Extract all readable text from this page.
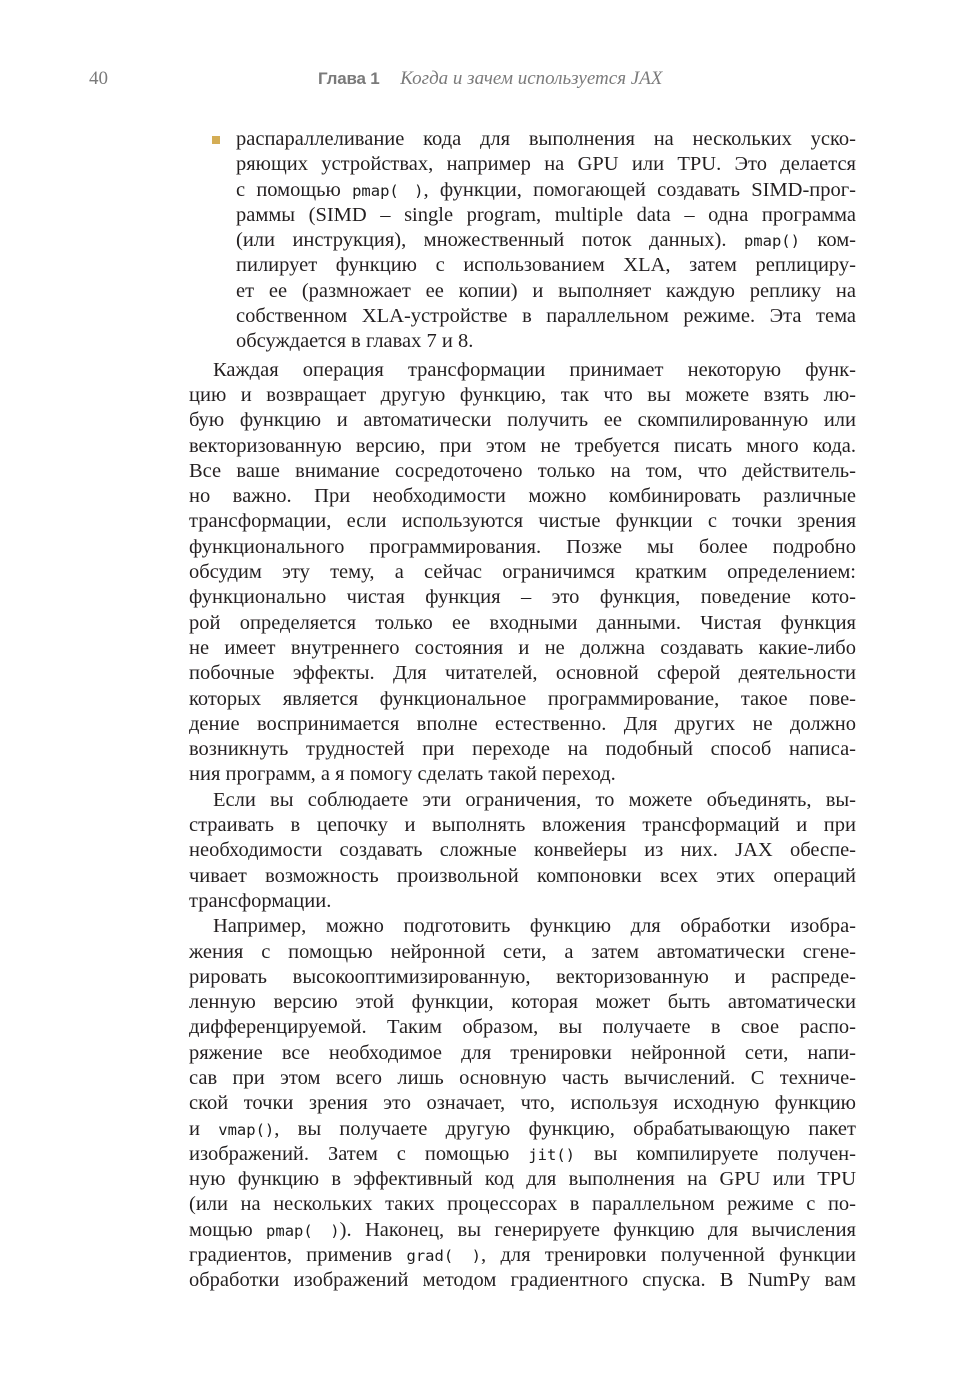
40	Глава 1 Когда и зачем используется JAX
распараллеливание кода для выполнения на нескольких уско-
ряющих устройствах, например на GPU или TPU. Это делается
с помощью pmap( ), функции, помогающей создавать SIMD-прог-
раммы (SIMD – single program, multiple data – одна программа
(или инструкция), множественный поток данных). pmap() ком-
пилирует функцию с использованием XLA, затем реплициру-
ет ее (размножает ее копии) и выполняет каждую реплику на
собственном XLA-устройстве в параллельном режиме. Эта тема
обсуждается в главах 7 и 8.
Каждая операция трансформации принимает некоторую функ-
цию и возвращает другую функцию, так что вы можете взять лю-
бую функцию и автоматически получить ее скомпилированную или
векторизованную версию, при этом не требуется писать много кода.
Все ваше внимание сосредоточено только на том, что действитель-
но важно. При необходимости можно комбинировать различные
трансформации, если используются чистые функции с точки зрения
функционального программирования. Позже мы более подробно
обсудим эту тему, а сейчас ограничимся кратким определением:
функционально чистая функция – это функция, поведение кото-
рой определяется только ее входными данными. Чистая функция
не имеет внутреннего состояния и не должна создавать какие-либо
побочные эффекты. Для читателей, основной сферой деятельности
которых является функциональное программирование, такое пове-
дение воспринимается вполне естественно. Для других не должно
возникнуть трудностей при переходе на подобный способ написа-
ния программ, а я помогу сделать такой переход.
Если вы соблюдаете эти ограничения, то можете объединять, вы-
страивать в цепочку и выполнять вложения трансформаций и при
необходимости создавать сложные конвейеры из них. JAX обеспе-
чивает возможность произвольной компоновки всех этих операций
трансформации.
Например, можно подготовить функцию для обработки изобра-
жения с помощью нейронной сети, а затем автоматически сгене-
рировать высокооптимизированную, векторизованную и распреде-
ленную версию этой функции, которая может быть автоматически
дифференцируемой. Таким образом, вы получаете в свое распо-
ряжение все необходимое для тренировки нейронной сети, напи-
сав при этом всего лишь основную часть вычислений. С техниче-
ской точки зрения это означает, что, используя исходную функцию
и vmap(), вы получаете другую функцию, обрабатывающую пакет
изображений. Затем с помощью jit() вы компилируете получен-
ную функцию в эффективный код для выполнения на GPU или TPU
(или на нескольких таких процессорах в параллельном режиме с по-
мощью pmap( )). Наконец, вы генерируете функцию для вычисления
градиентов, применив grad( ), для тренировки полученной функции
обработки изображений методом градиентного спуска. В NumPy вам
